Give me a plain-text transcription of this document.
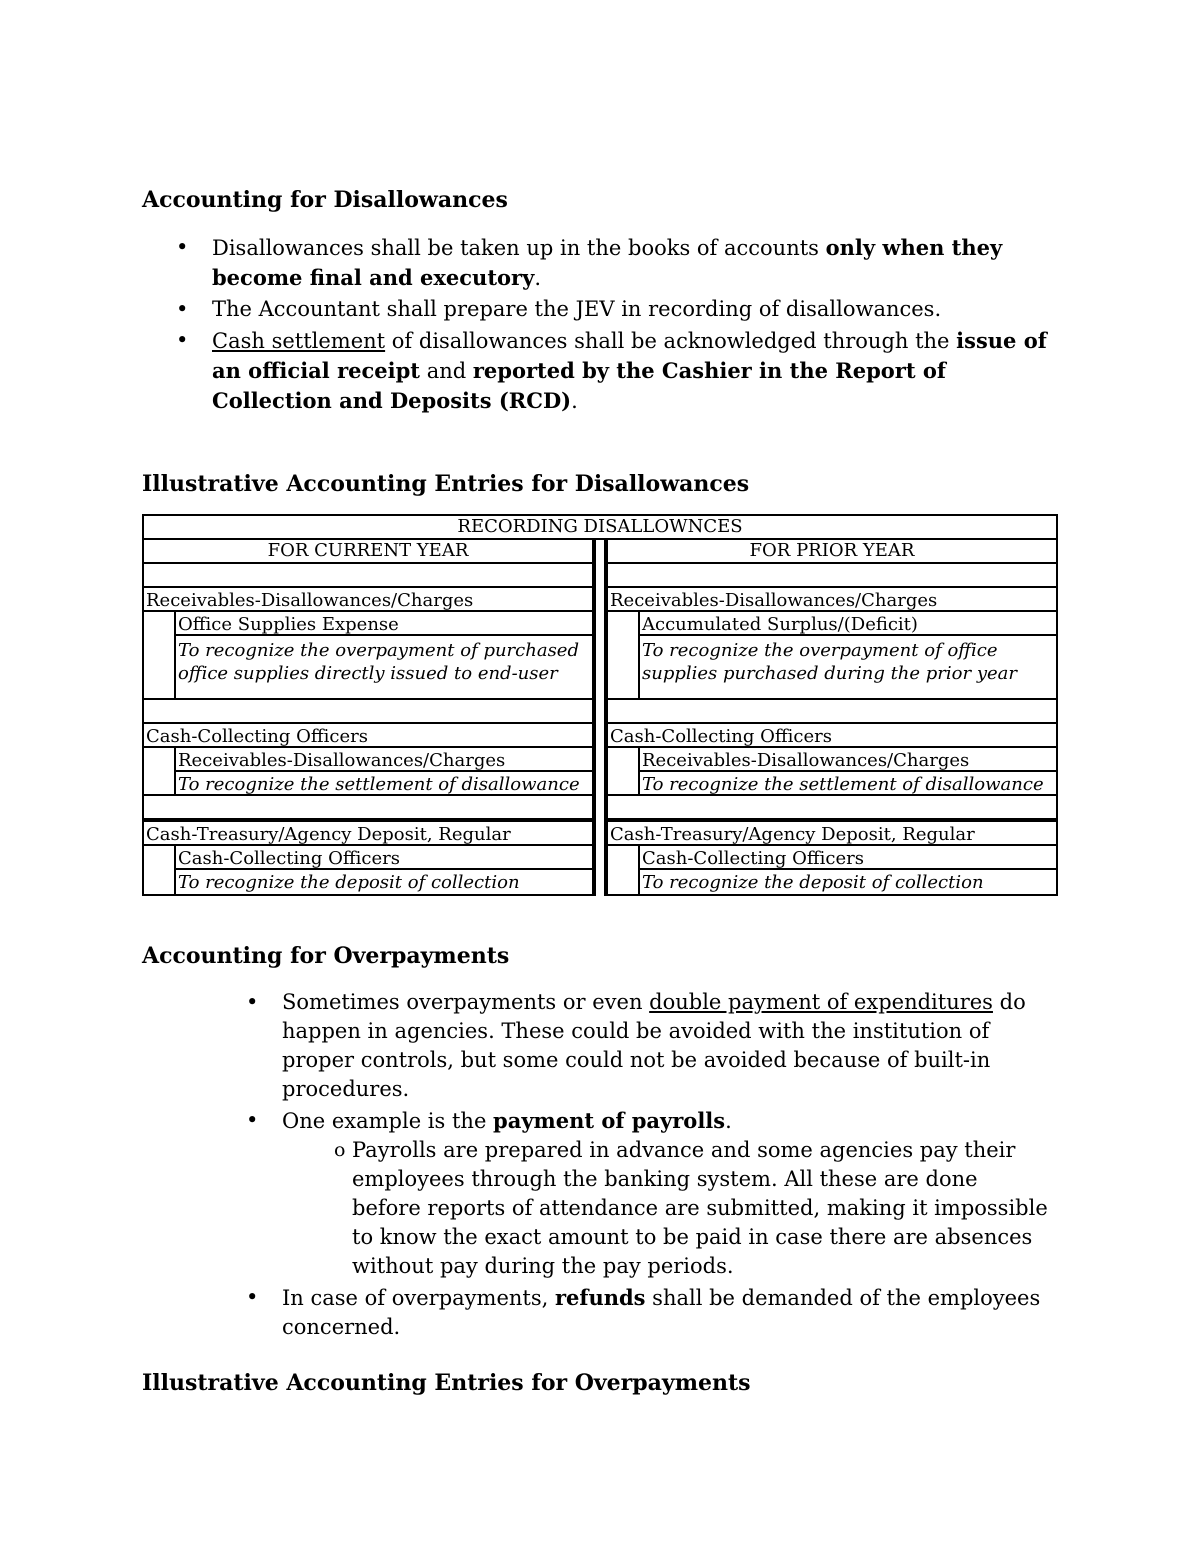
Accounting for Disallowances
• Disallowances shall be taken up in the books of accounts only when they become final and executory.
• The Accountant shall prepare the JEV in recording of disallowances.
• Cash settlement of disallowances shall be acknowledged through the issue of an official receipt and reported by the Cashier in the Report of Collection and Deposits (RCD).
Illustrative Accounting Entries for Disallowances
RECORDING DISALLOWNCES
FOR CURRENT YEAR	FOR PRIOR YEAR
Receivables-Disallowances/Charges
Office Supplies Expense
To recognize the overpayment of purchased
office supplies directly issued to end-user
Cash-Collecting Officers
Receivables-Disallowances/Charges
To recognize the settlement of disallowance
Cash-Treasury/Agency Deposit, Regular
Cash-Collecting Officers
To recognize the deposit of collection
Receivables-Disallowances/Charges
Accumulated Surplus/(Deficit)
To recognize the overpayment of office
supplies purchased during the prior year
Cash-Collecting Officers
Receivables-Disallowances/Charges
To recognize the settlement of disallowance
Cash-Treasury/Agency Deposit, Regular
Cash-Collecting Officers
To recognize the deposit of collection
Accounting for Overpayments
• Sometimes overpayments or even double payment of expenditures do happen in agencies. These could be avoided with the institution of proper controls, but some could not be avoided because of built-in procedures.
• One example is the payment of payrolls.
o Payrolls are prepared in advance and some agencies pay their employees through the banking system. All these are done before reports of attendance are submitted, making it impossible to know the exact amount to be paid in case there are absences without pay during the pay periods.
• In case of overpayments, refunds shall be demanded of the employees concerned.
Illustrative Accounting Entries for Overpayments
